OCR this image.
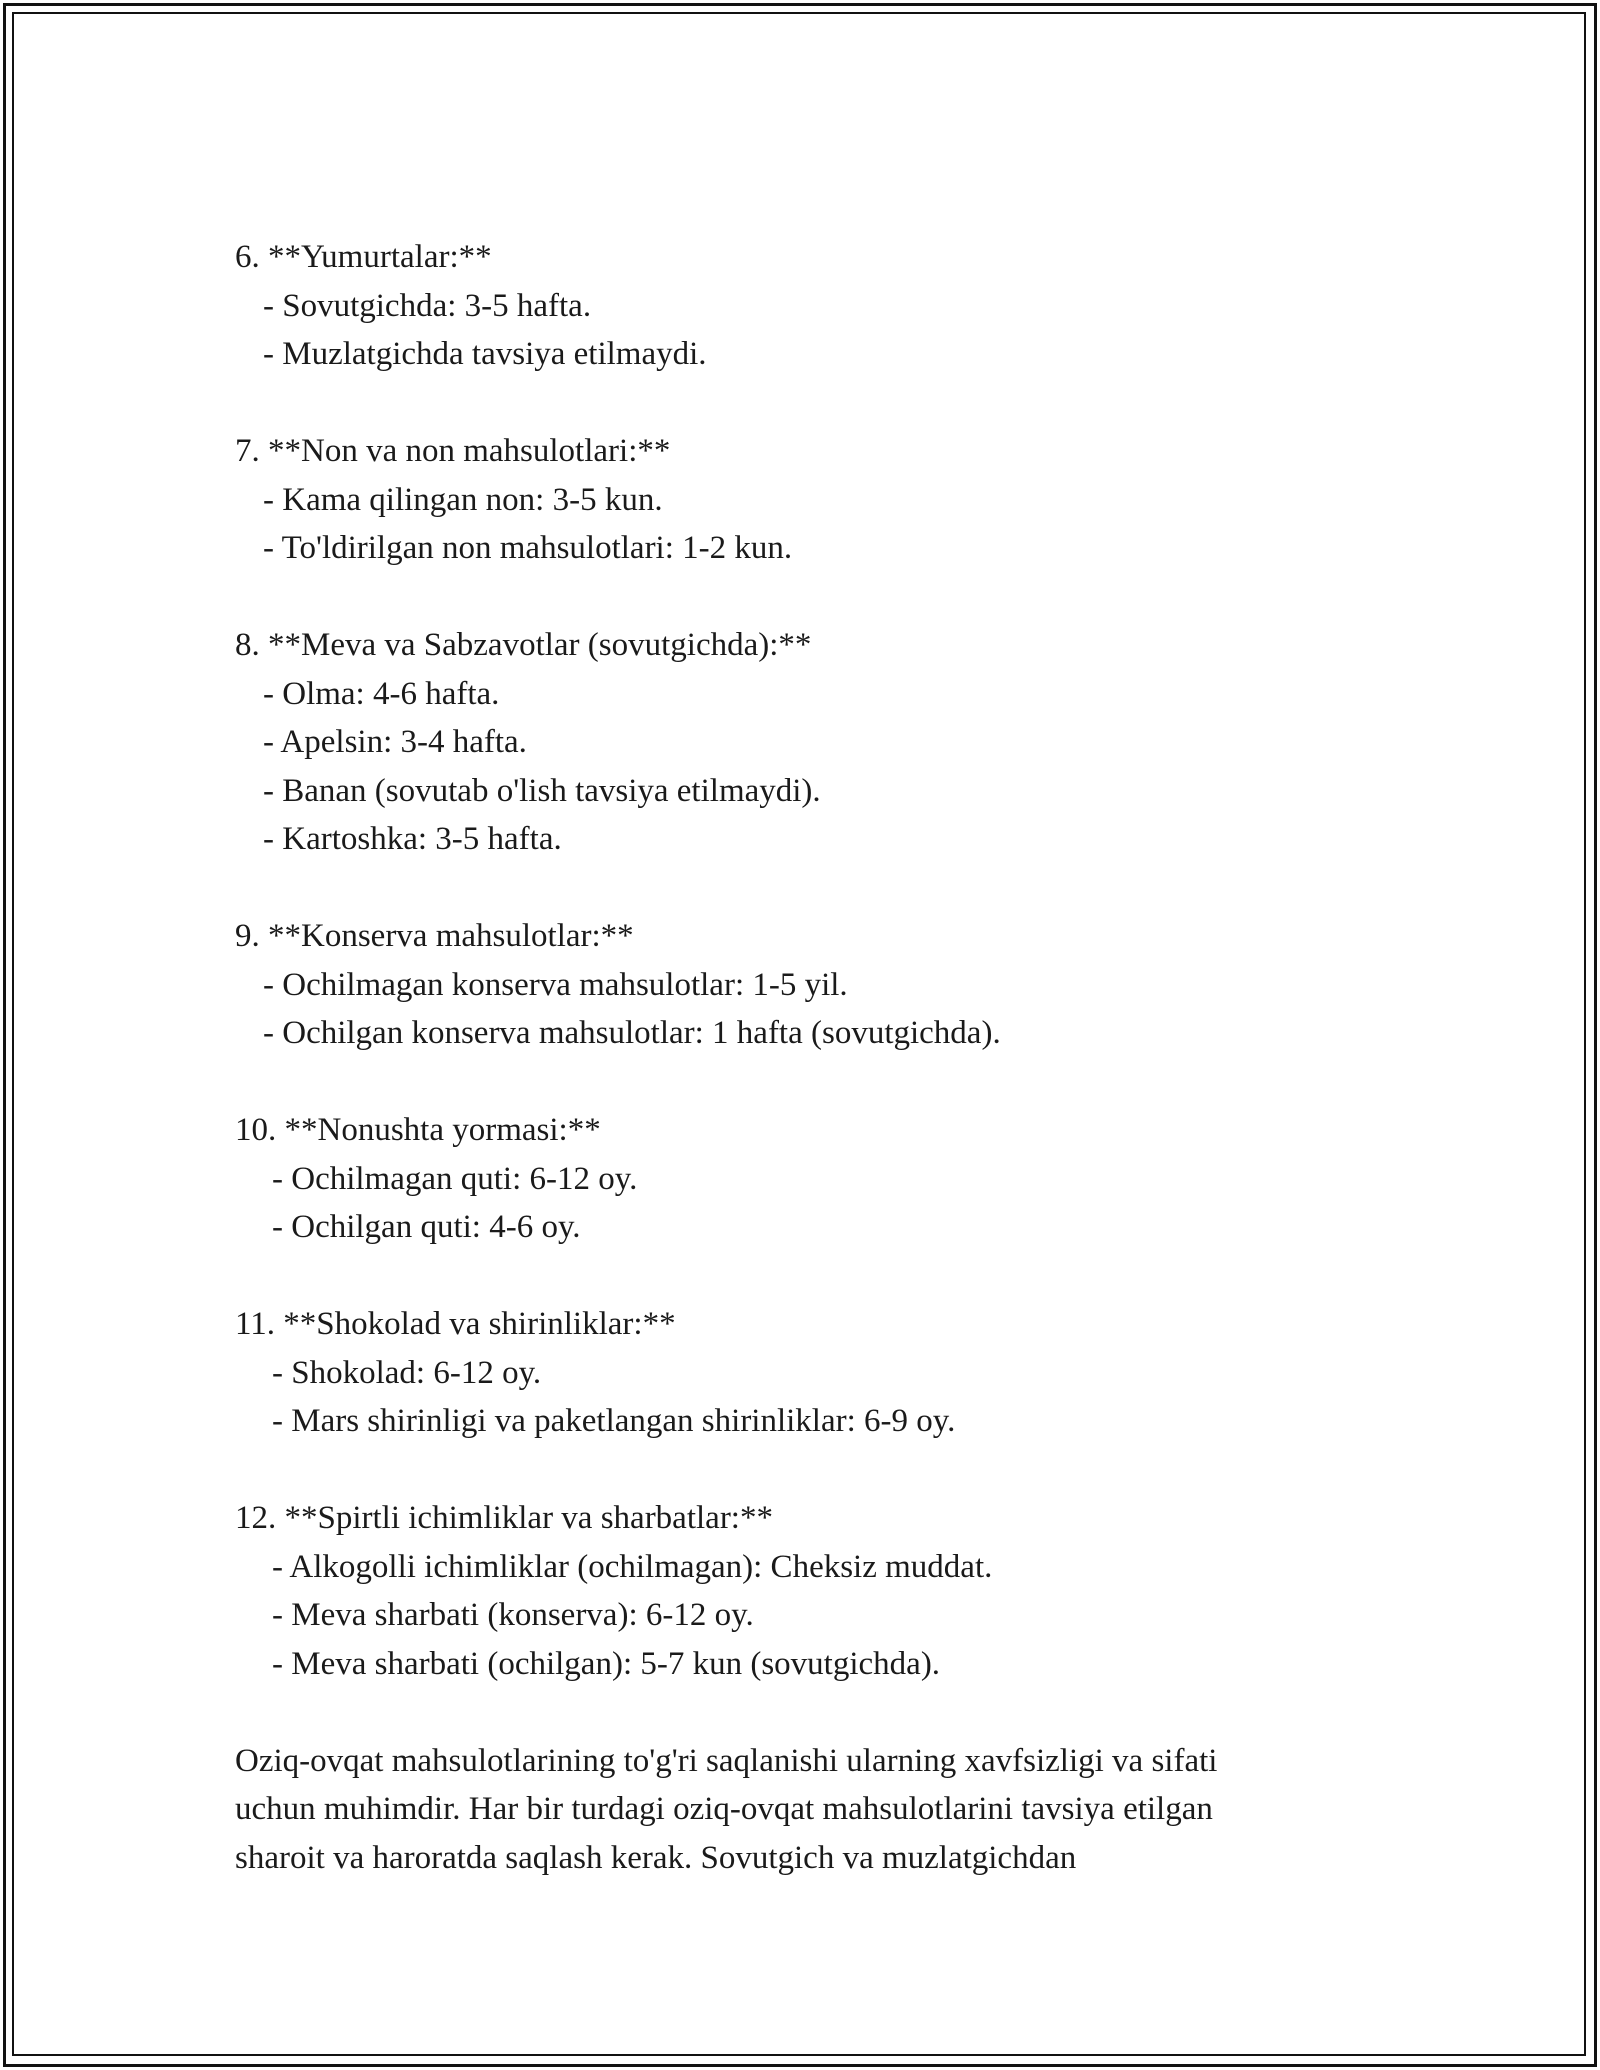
6. **Yumurtalar:**

- Sovutgichda: 3-5 hafta.

- Muzlatgichda tavsiya etilmaydi.

7. **Non va non mahsulotlari:**

- Kama qilingan non: 3-5 kun.

- To'ldirilgan non mahsulotlari: 1-2 kun.

8. **Meva va Sabzavotlar (sovutgichda):**

- Olma: 4-6 hafta.

- Apelsin: 3-4 hafta.

- Banan (sovutab o'lish tavsiya etilmaydi).

- Kartoshka: 3-5 hafta.

9. **Konserva mahsulotlar:**

- Ochilmagan konserva mahsulotlar: 1-5 yil.

- Ochilgan konserva mahsulotlar: 1 hafta (sovutgichda).

10. **Nonushta yormasi:**

- Ochilmagan quti: 6-12 oy.

- Ochilgan quti: 4-6 oy.

11. **Shokolad va shirinliklar:**

- Shokolad: 6-12 oy.

- Mars shirinligi va paketlangan shirinliklar: 6-9 oy.

12. **Spirtli ichimliklar va sharbatlar:**

- Alkogolli ichimliklar (ochilmagan): Cheksiz muddat.

- Meva sharbati (konserva): 6-12 oy.

- Meva sharbati (ochilgan): 5-7 kun (sovutgichda).

Oziq-ovqat mahsulotlarining to'g'ri saqlanishi ularning xavfsizligi va sifati
uchun muhimdir. Har bir turdagi oziq-ovqat mahsulotlarini tavsiya etilgan
sharoit va haroratda saqlash kerak. Sovutgich va muzlatgichdan
